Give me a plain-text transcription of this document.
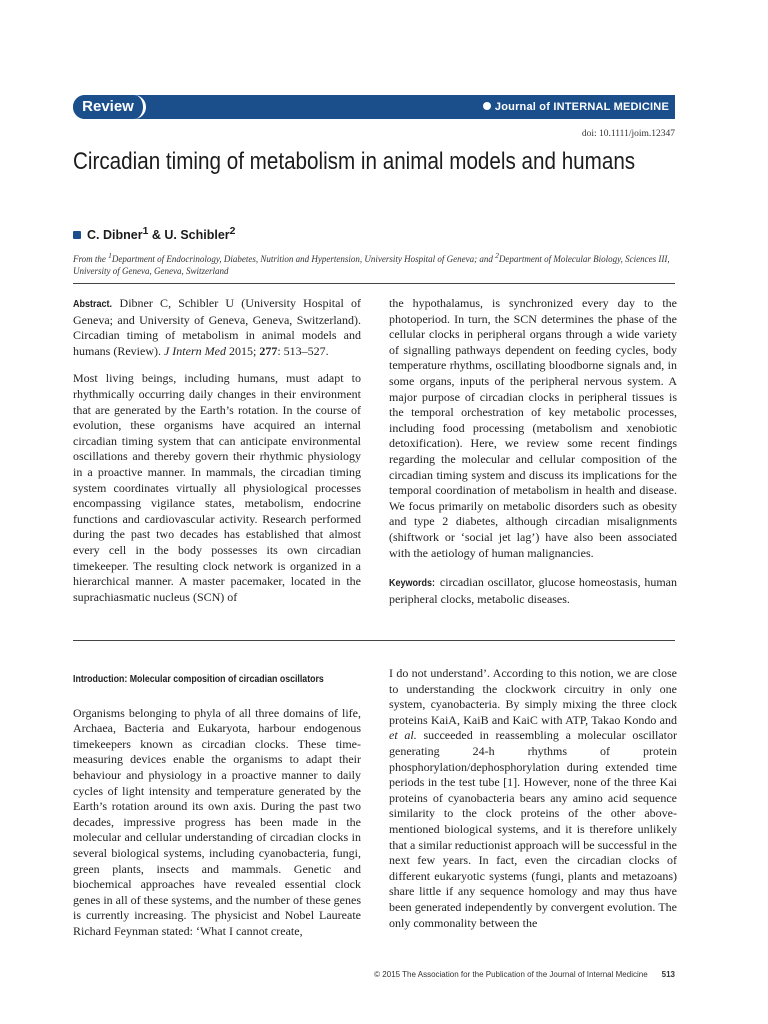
Review	Journal of INTERNAL MEDICINE
doi: 10.1111/joim.12347
Circadian timing of metabolism in animal models and humans
C. Dibner$^1$ & U. Schibler$^2$
From the $^1$Department of Endocrinology, Diabetes, Nutrition and Hypertension, University Hospital of Geneva; and $^2$Department of Molecular Biology, Sciences III, University of Geneva, Geneva, Switzerland

Abstract. Dibner C, Schibler U (University Hospital of Geneva; and University of Geneva, Geneva, Switzerland). Circadian timing of metabolism in animal models and humans (Review). J Intern Med 2015; 277: 513–527.

Most living beings, including humans, must adapt to rhythmically occurring daily changes in their environment that are generated by the Earth’s rotation. In the course of evolution, these organisms have acquired an internal circadian timing system that can anticipate environmental oscillations and thereby govern their rhythmic physiology in a proactive manner. In mammals, the circadian timing system coordinates virtually all physiological processes encompassing vigilance states, metabolism, endocrine functions and cardiovascular activity. Research performed during the past two decades has established that almost every cell in the body possesses its own circadian timekeeper. The resulting clock network is organized in a hierarchical manner. A master pacemaker, located in the suprachiasmatic nucleus (SCN) of

the hypothalamus, is synchronized every day to the photoperiod. In turn, the SCN determines the phase of the cellular clocks in peripheral organs through a wide variety of signalling pathways dependent on feeding cycles, body temperature rhythms, oscillating bloodborne signals and, in some organs, inputs of the peripheral nervous system. A major purpose of circadian clocks in peripheral tissues is the temporal orchestration of key metabolic processes, including food processing (metabolism and xenobiotic detoxification). Here, we review some recent findings regarding the molecular and cellular composition of the circadian timing system and discuss its implications for the temporal coordination of metabolism in health and disease. We focus primarily on metabolic disorders such as obesity and type 2 diabetes, although circadian misalignments (shiftwork or ‘social jet lag’) have also been associated with the aetiology of human malignancies.

Keywords: circadian oscillator, glucose homeostasis, human peripheral clocks, metabolic diseases.

Introduction: Molecular composition of circadian oscillators

Organisms belonging to phyla of all three domains of life, Archaea, Bacteria and Eukaryota, harbour endogenous timekeepers known as circadian clocks. These time-measuring devices enable the organisms to adapt their behaviour and physiology in a proactive manner to daily cycles of light intensity and temperature generated by the Earth’s rotation around its own axis. During the past two decades, impressive progress has been made in the molecular and cellular understanding of circadian clocks in several biological systems, including cyanobacteria, fungi, green plants, insects and mammals. Genetic and biochemical approaches have revealed essential clock genes in all of these systems, and the number of these genes is currently increasing. The physicist and Nobel Laureate Richard Feynman stated: ‘What I cannot create,

I do not understand’. According to this notion, we are close to understanding the clockwork circuitry in only one system, cyanobacteria. By simply mixing the three clock proteins KaiA, KaiB and KaiC with ATP, Takao Kondo and et al. succeeded in reassembling a molecular oscillator generating 24-h rhythms of protein phosphorylation/dephosphorylation during extended time periods in the test tube [1]. However, none of the three Kai proteins of cyanobacteria bears any amino acid sequence similarity to the clock proteins of the other above-mentioned biological systems, and it is therefore unlikely that a similar reductionist approach will be successful in the next few years. In fact, even the circadian clocks of different eukaryotic systems (fungi, plants and metazoans) share little if any sequence homology and may thus have been generated independently by convergent evolution. The only commonality between the

© 2015 The Association for the Publication of the Journal of Internal Medicine 513
